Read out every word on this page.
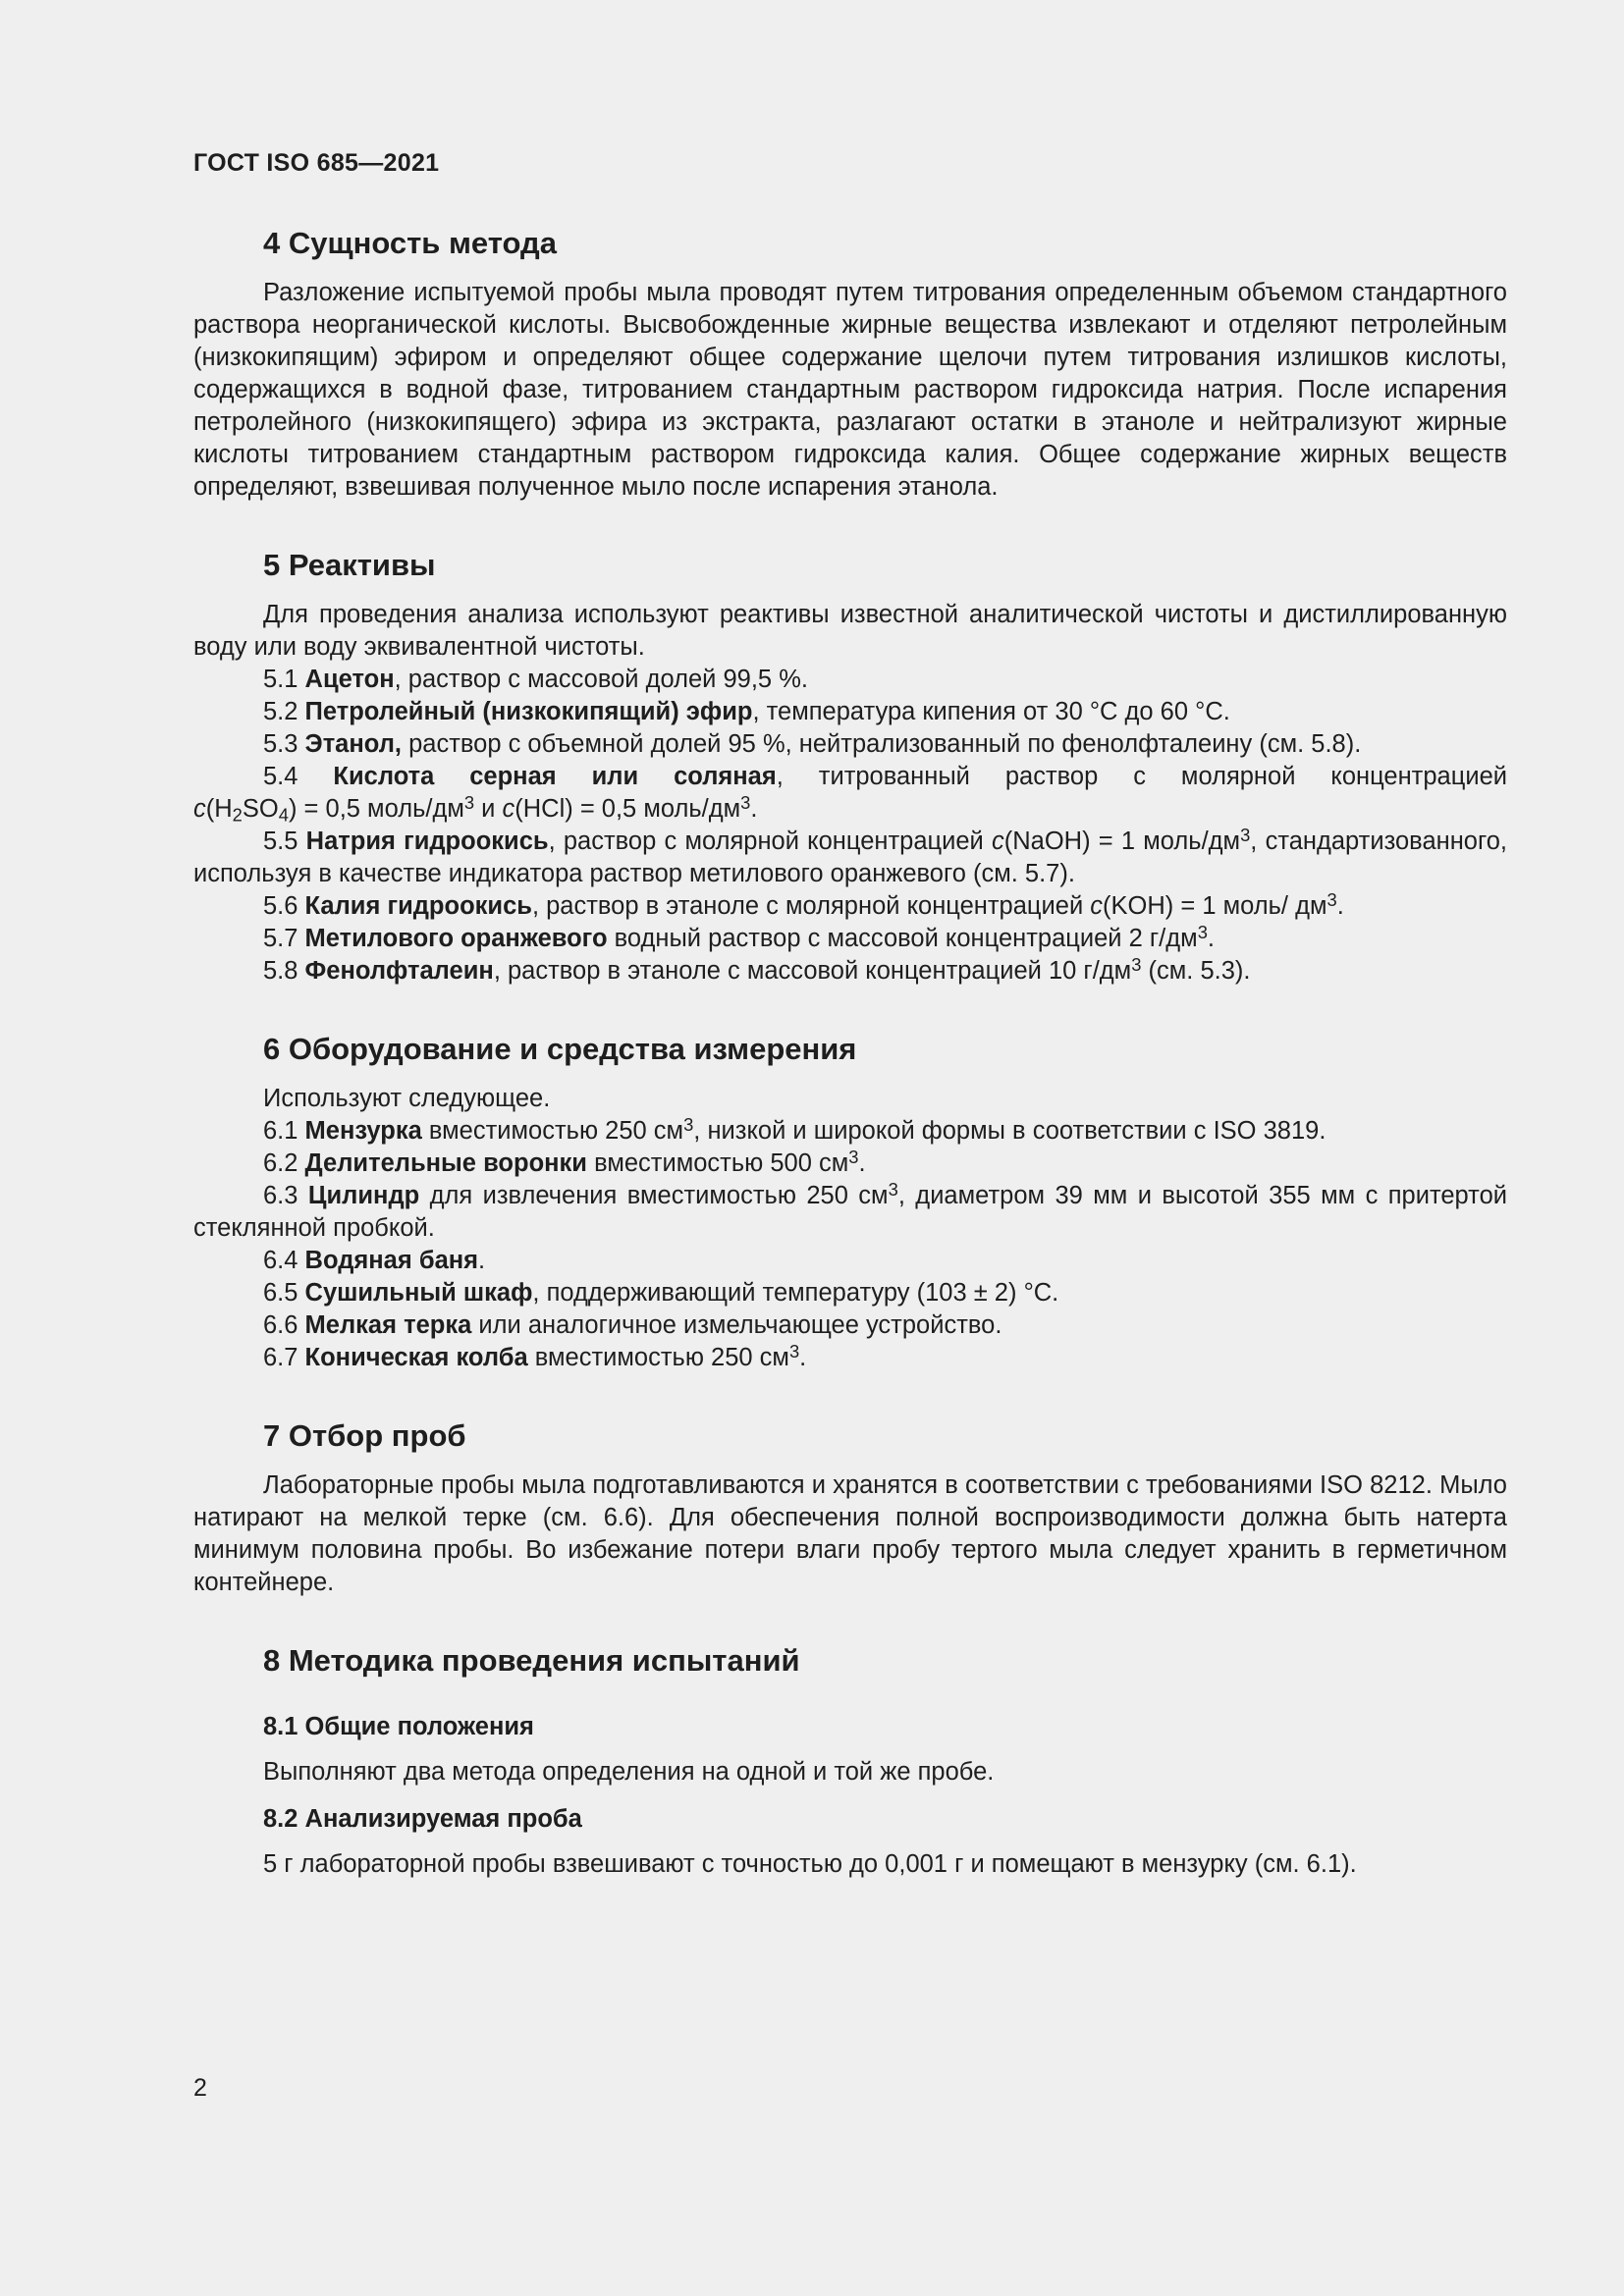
ГОСТ ISO 685—2021
4 Сущность метода

Разложение испытуемой пробы мыла проводят путем титрования определенным объемом стандартного раствора неорганической кислоты. Высвобожденные жирные вещества извлекают и отделяют петролейным (низкокипящим) эфиром и определяют общее содержание щелочи путем титрования излишков кислоты, содержащихся в водной фазе, титрованием стандартным раствором гидроксида натрия. После испарения петролейного (низкокипящего) эфира из экстракта, разлагают остатки в этаноле и нейтрализуют жирные кислоты титрованием стандартным раствором гидроксида калия. Общее содержание жирных веществ определяют, взвешивая полученное мыло после испарения этанола.

5 Реактивы

Для проведения анализа используют реактивы известной аналитической чистоты и дистиллированную воду или воду эквивалентной чистоты.

5.1 Ацетон, раствор с массовой долей 99,5 %.

5.2 Петролейный (низкокипящий) эфир, температура кипения от 30 °С до 60 °С.

5.3 Этанол, раствор с объемной долей 95 %, нейтрализованный по фенолфталеину (см. 5.8).

5.4 Кислота серная или соляная, титрованный раствор с молярной концентрацией $c(H_2SO_4) = 0,5$ моль/$дм^3$ и c(HCl) = 0,5 моль/$дм^3$.

5.5 Натрия гидроокись, раствор с молярной концентрацией c(NaOH) = 1 моль/$дм^3$, стандартизованного, используя в качестве индикатора раствор метилового оранжевого (см. 5.7).

5.6 Калия гидроокись, раствор в этаноле с молярной концентрацией c(KOH) = 1 моль/ $дм^3$.

5.7 Метилового оранжевого водный раствор с массовой концентрацией 2 $г/дм^3$.

5.8 Фенолфталеин, раствор в этаноле с массовой концентрацией 10 $г/дм^3$ (см. 5.3).

6 Оборудование и средства измерения

Используют следующее.

6.1 Мензурка вместимостью 250 $см^3$, низкой и широкой формы в соответствии с ISO 3819.

6.2 Делительные воронки вместимостью 500 $см^3$.

6.3 Цилиндр для извлечения вместимостью 250 $см^3$, диаметром 39 мм и высотой 355 мм с притертой стеклянной пробкой.

6.4 Водяная баня.

6.5 Сушильный шкаф, поддерживающий температуру (103 ± 2) °С.

6.6 Мелкая терка или аналогичное измельчающее устройство.

6.7 Коническая колба вместимостью 250 $см^3$.

7 Отбор проб

Лабораторные пробы мыла подготавливаются и хранятся в соответствии с требованиями ISO 8212. Мыло натирают на мелкой терке (см. 6.6). Для обеспечения полной воспроизводимости должна быть натерта минимум половина пробы. Во избежание потери влаги пробу тертого мыла следует хранить в герметичном контейнере.

8 Методика проведения испытаний
8.1 Общие положения

Выполняют два метода определения на одной и той же пробе.

8.2 Анализируемая проба

5 г лабораторной пробы взвешивают с точностью до 0,001 г и помещают в мензурку (см. 6.1).

2
